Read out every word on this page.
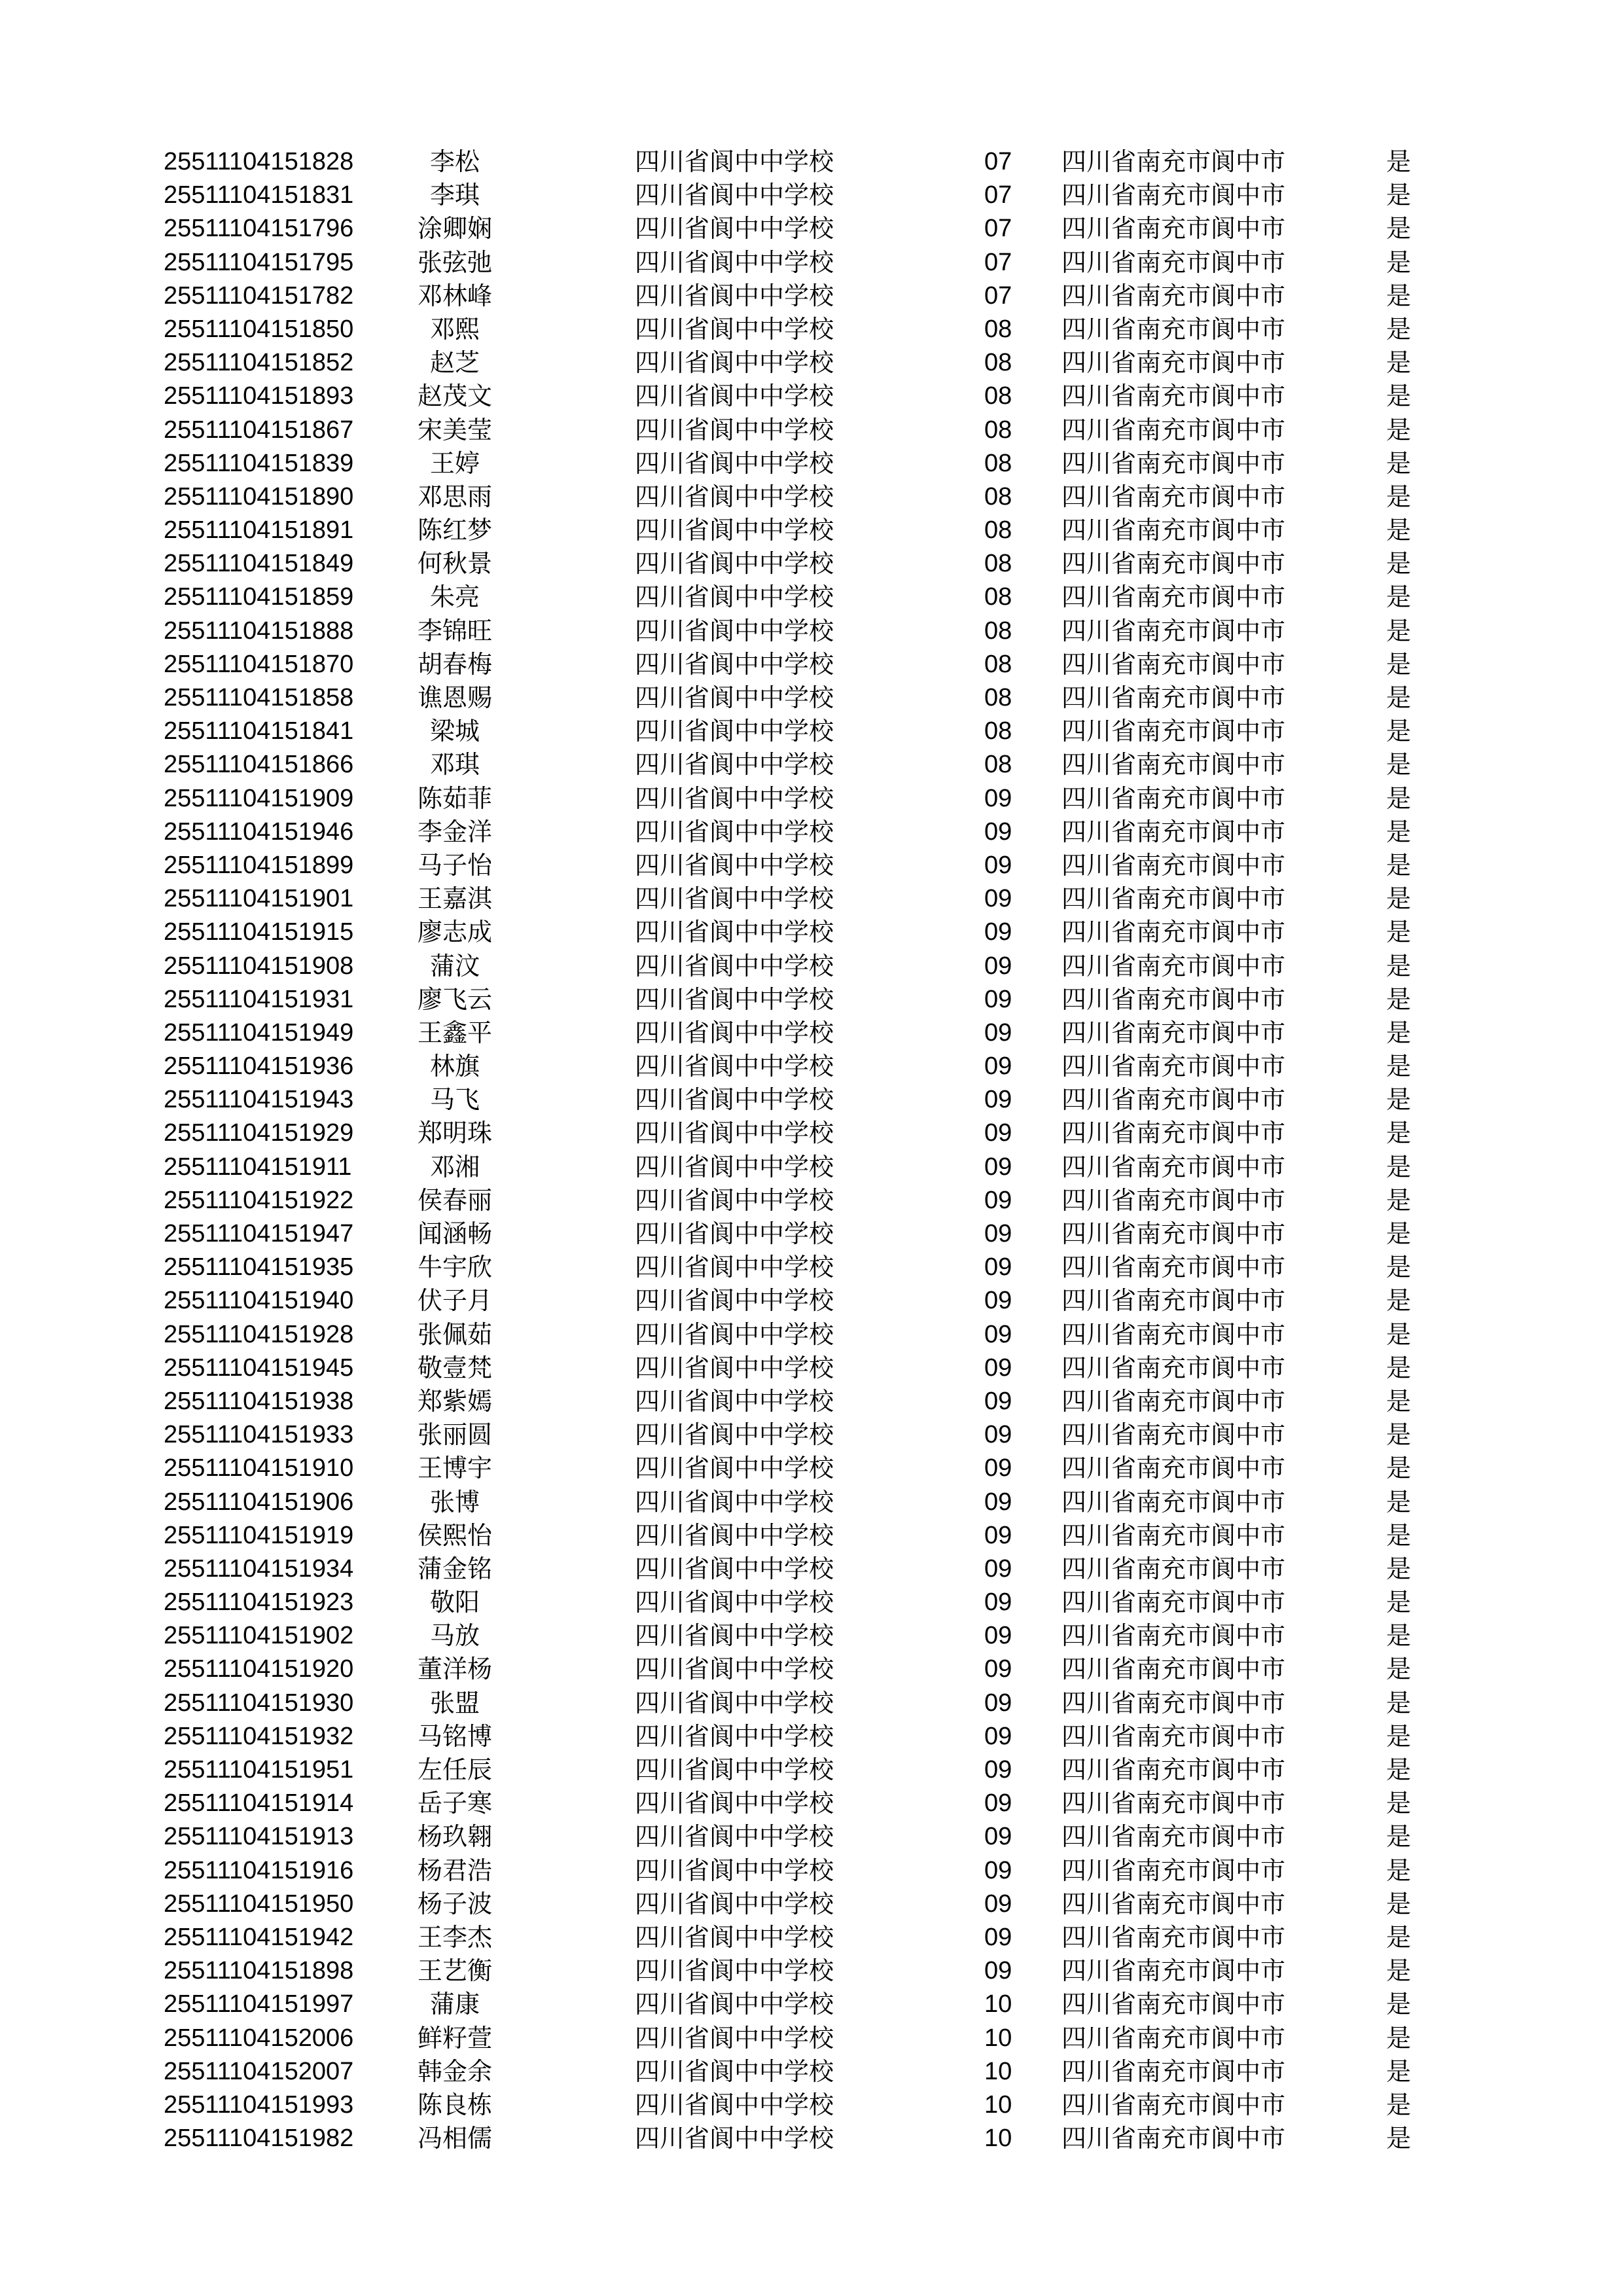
25511104151828	李松	四川省阆中中学校	07 四川省南充市阆中市	是
25511104151831	李琪	四川省阆中中学校	07 四川省南充市阆中市	是
25511104151796	涂卿娴	四川省阆中中学校	07 四川省南充市阆中市	是
25511104151795	张弦弛	四川省阆中中学校	07 四川省南充市阆中市	是
25511104151782	邓林峰	四川省阆中中学校	07 四川省南充市阆中市	是
25511104151850	邓熙	四川省阆中中学校	08 四川省南充市阆中市	是
25511104151852	赵芝	四川省阆中中学校	08 四川省南充市阆中市	是
25511104151893	赵茂文	四川省阆中中学校	08 四川省南充市阆中市	是
25511104151867	宋美莹	四川省阆中中学校	08 四川省南充市阆中市	是
25511104151839	王婷	四川省阆中中学校	08 四川省南充市阆中市	是
25511104151890	邓思雨	四川省阆中中学校	08 四川省南充市阆中市	是
25511104151891	陈红梦	四川省阆中中学校	08 四川省南充市阆中市	是
25511104151849	何秋景	四川省阆中中学校	08 四川省南充市阆中市	是
25511104151859	朱亮	四川省阆中中学校	08 四川省南充市阆中市	是
25511104151888	李锦旺	四川省阆中中学校	08 四川省南充市阆中市	是
25511104151870	胡春梅	四川省阆中中学校	08 四川省南充市阆中市	是
25511104151858	谯恩赐	四川省阆中中学校	08 四川省南充市阆中市	是
25511104151841	梁城	四川省阆中中学校	08 四川省南充市阆中市	是
25511104151866	邓琪	四川省阆中中学校	08 四川省南充市阆中市	是
25511104151909	陈茹菲	四川省阆中中学校	09 四川省南充市阆中市	是
25511104151946	李金洋	四川省阆中中学校	09 四川省南充市阆中市	是
25511104151899	马子怡	四川省阆中中学校	09 四川省南充市阆中市	是
25511104151901	王嘉淇	四川省阆中中学校	09 四川省南充市阆中市	是
25511104151915	廖志成	四川省阆中中学校	09 四川省南充市阆中市	是
25511104151908	蒲汶	四川省阆中中学校	09 四川省南充市阆中市	是
25511104151931	廖飞云	四川省阆中中学校	09 四川省南充市阆中市	是
25511104151949	王鑫平	四川省阆中中学校	09 四川省南充市阆中市	是
25511104151936	林旗	四川省阆中中学校	09 四川省南充市阆中市	是
25511104151943	马飞	四川省阆中中学校	09 四川省南充市阆中市	是
25511104151929	郑明珠	四川省阆中中学校	09 四川省南充市阆中市	是
25511104151911	邓湘	四川省阆中中学校	09 四川省南充市阆中市	是
25511104151922	侯春丽	四川省阆中中学校	09 四川省南充市阆中市	是
25511104151947	闻涵畅	四川省阆中中学校	09 四川省南充市阆中市	是
25511104151935	牛宇欣	四川省阆中中学校	09 四川省南充市阆中市	是
25511104151940	伏子月	四川省阆中中学校	09 四川省南充市阆中市	是
25511104151928	张佩茹	四川省阆中中学校	09 四川省南充市阆中市	是
25511104151945	敬壹梵	四川省阆中中学校	09 四川省南充市阆中市	是
25511104151938	郑紫嫣	四川省阆中中学校	09 四川省南充市阆中市	是
25511104151933	张丽圆	四川省阆中中学校	09 四川省南充市阆中市	是
25511104151910	王博宇	四川省阆中中学校	09 四川省南充市阆中市	是
25511104151906	张博	四川省阆中中学校	09 四川省南充市阆中市	是
25511104151919	侯熙怡	四川省阆中中学校	09 四川省南充市阆中市	是
25511104151934	蒲金铭	四川省阆中中学校	09 四川省南充市阆中市	是
25511104151923	敬阳	四川省阆中中学校	09 四川省南充市阆中市	是
25511104151902	马放	四川省阆中中学校	09 四川省南充市阆中市	是
25511104151920	董洋杨	四川省阆中中学校	09 四川省南充市阆中市	是
25511104151930	张盟	四川省阆中中学校	09 四川省南充市阆中市	是
25511104151932	马铭博	四川省阆中中学校	09 四川省南充市阆中市	是
25511104151951	左任辰	四川省阆中中学校	09 四川省南充市阆中市	是
25511104151914	岳子寒	四川省阆中中学校	09 四川省南充市阆中市	是
25511104151913	杨玖翱	四川省阆中中学校	09 四川省南充市阆中市	是
25511104151916	杨君浩	四川省阆中中学校	09 四川省南充市阆中市	是
25511104151950	杨子波	四川省阆中中学校	09 四川省南充市阆中市	是
25511104151942	王李杰	四川省阆中中学校	09 四川省南充市阆中市	是
25511104151898	王艺衡	四川省阆中中学校	09 四川省南充市阆中市	是
25511104151997	蒲康	四川省阆中中学校	10 四川省南充市阆中市	是
25511104152006	鲜籽萱	四川省阆中中学校	10 四川省南充市阆中市	是
25511104152007	韩金余	四川省阆中中学校	10 四川省南充市阆中市	是
25511104151993	陈良栋	四川省阆中中学校	10 四川省南充市阆中市	是
25511104151982	冯相儒	四川省阆中中学校	10 四川省南充市阆中市	是
